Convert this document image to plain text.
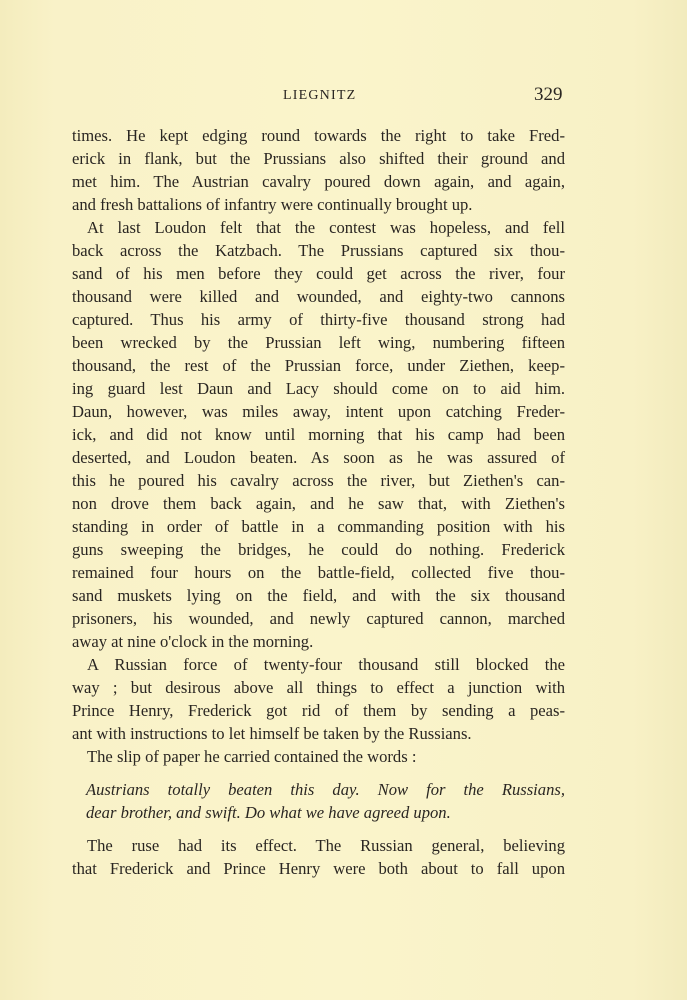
LIEGNITZ	329
times. He kept edging round towards the right to take Fred-
erick in flank, but the Prussians also shifted their ground and
met him. The Austrian cavalry poured down again, and again,
and fresh battalions of infantry were continually brought up.
At last Loudon felt that the contest was hopeless, and fell
back across the Katzbach. The Prussians captured six thou-
sand of his men before they could get across the river, four
thousand were killed and wounded, and eighty-two cannons
captured. Thus his army of thirty-five thousand strong had
been wrecked by the Prussian left wing, numbering fifteen
thousand, the rest of the Prussian force, under Ziethen, keep-
ing guard lest Daun and Lacy should come on to aid him.
Daun, however, was miles away, intent upon catching Freder-
ick, and did not know until morning that his camp had been
deserted, and Loudon beaten. As soon as he was assured of
this he poured his cavalry across the river, but Ziethen's can-
non drove them back again, and he saw that, with Ziethen's
standing in order of battle in a commanding position with his
guns sweeping the bridges, he could do nothing. Frederick
remained four hours on the battle-field, collected five thou-
sand muskets lying on the field, and with the six thousand
prisoners, his wounded, and newly captured cannon, marched
away at nine o'clock in the morning.
A Russian force of twenty-four thousand still blocked the
way ; but desirous above all things to effect a junction with
Prince Henry, Frederick got rid of them by sending a peas-
ant with instructions to let himself be taken by the Russians.
The slip of paper he carried contained the words :
Austrians totally beaten this day. Now for the Russians,
dear brother, and swift. Do what we have agreed upon.
The ruse had its effect. The Russian general, believing
that Frederick and Prince Henry were both about to fall upon
